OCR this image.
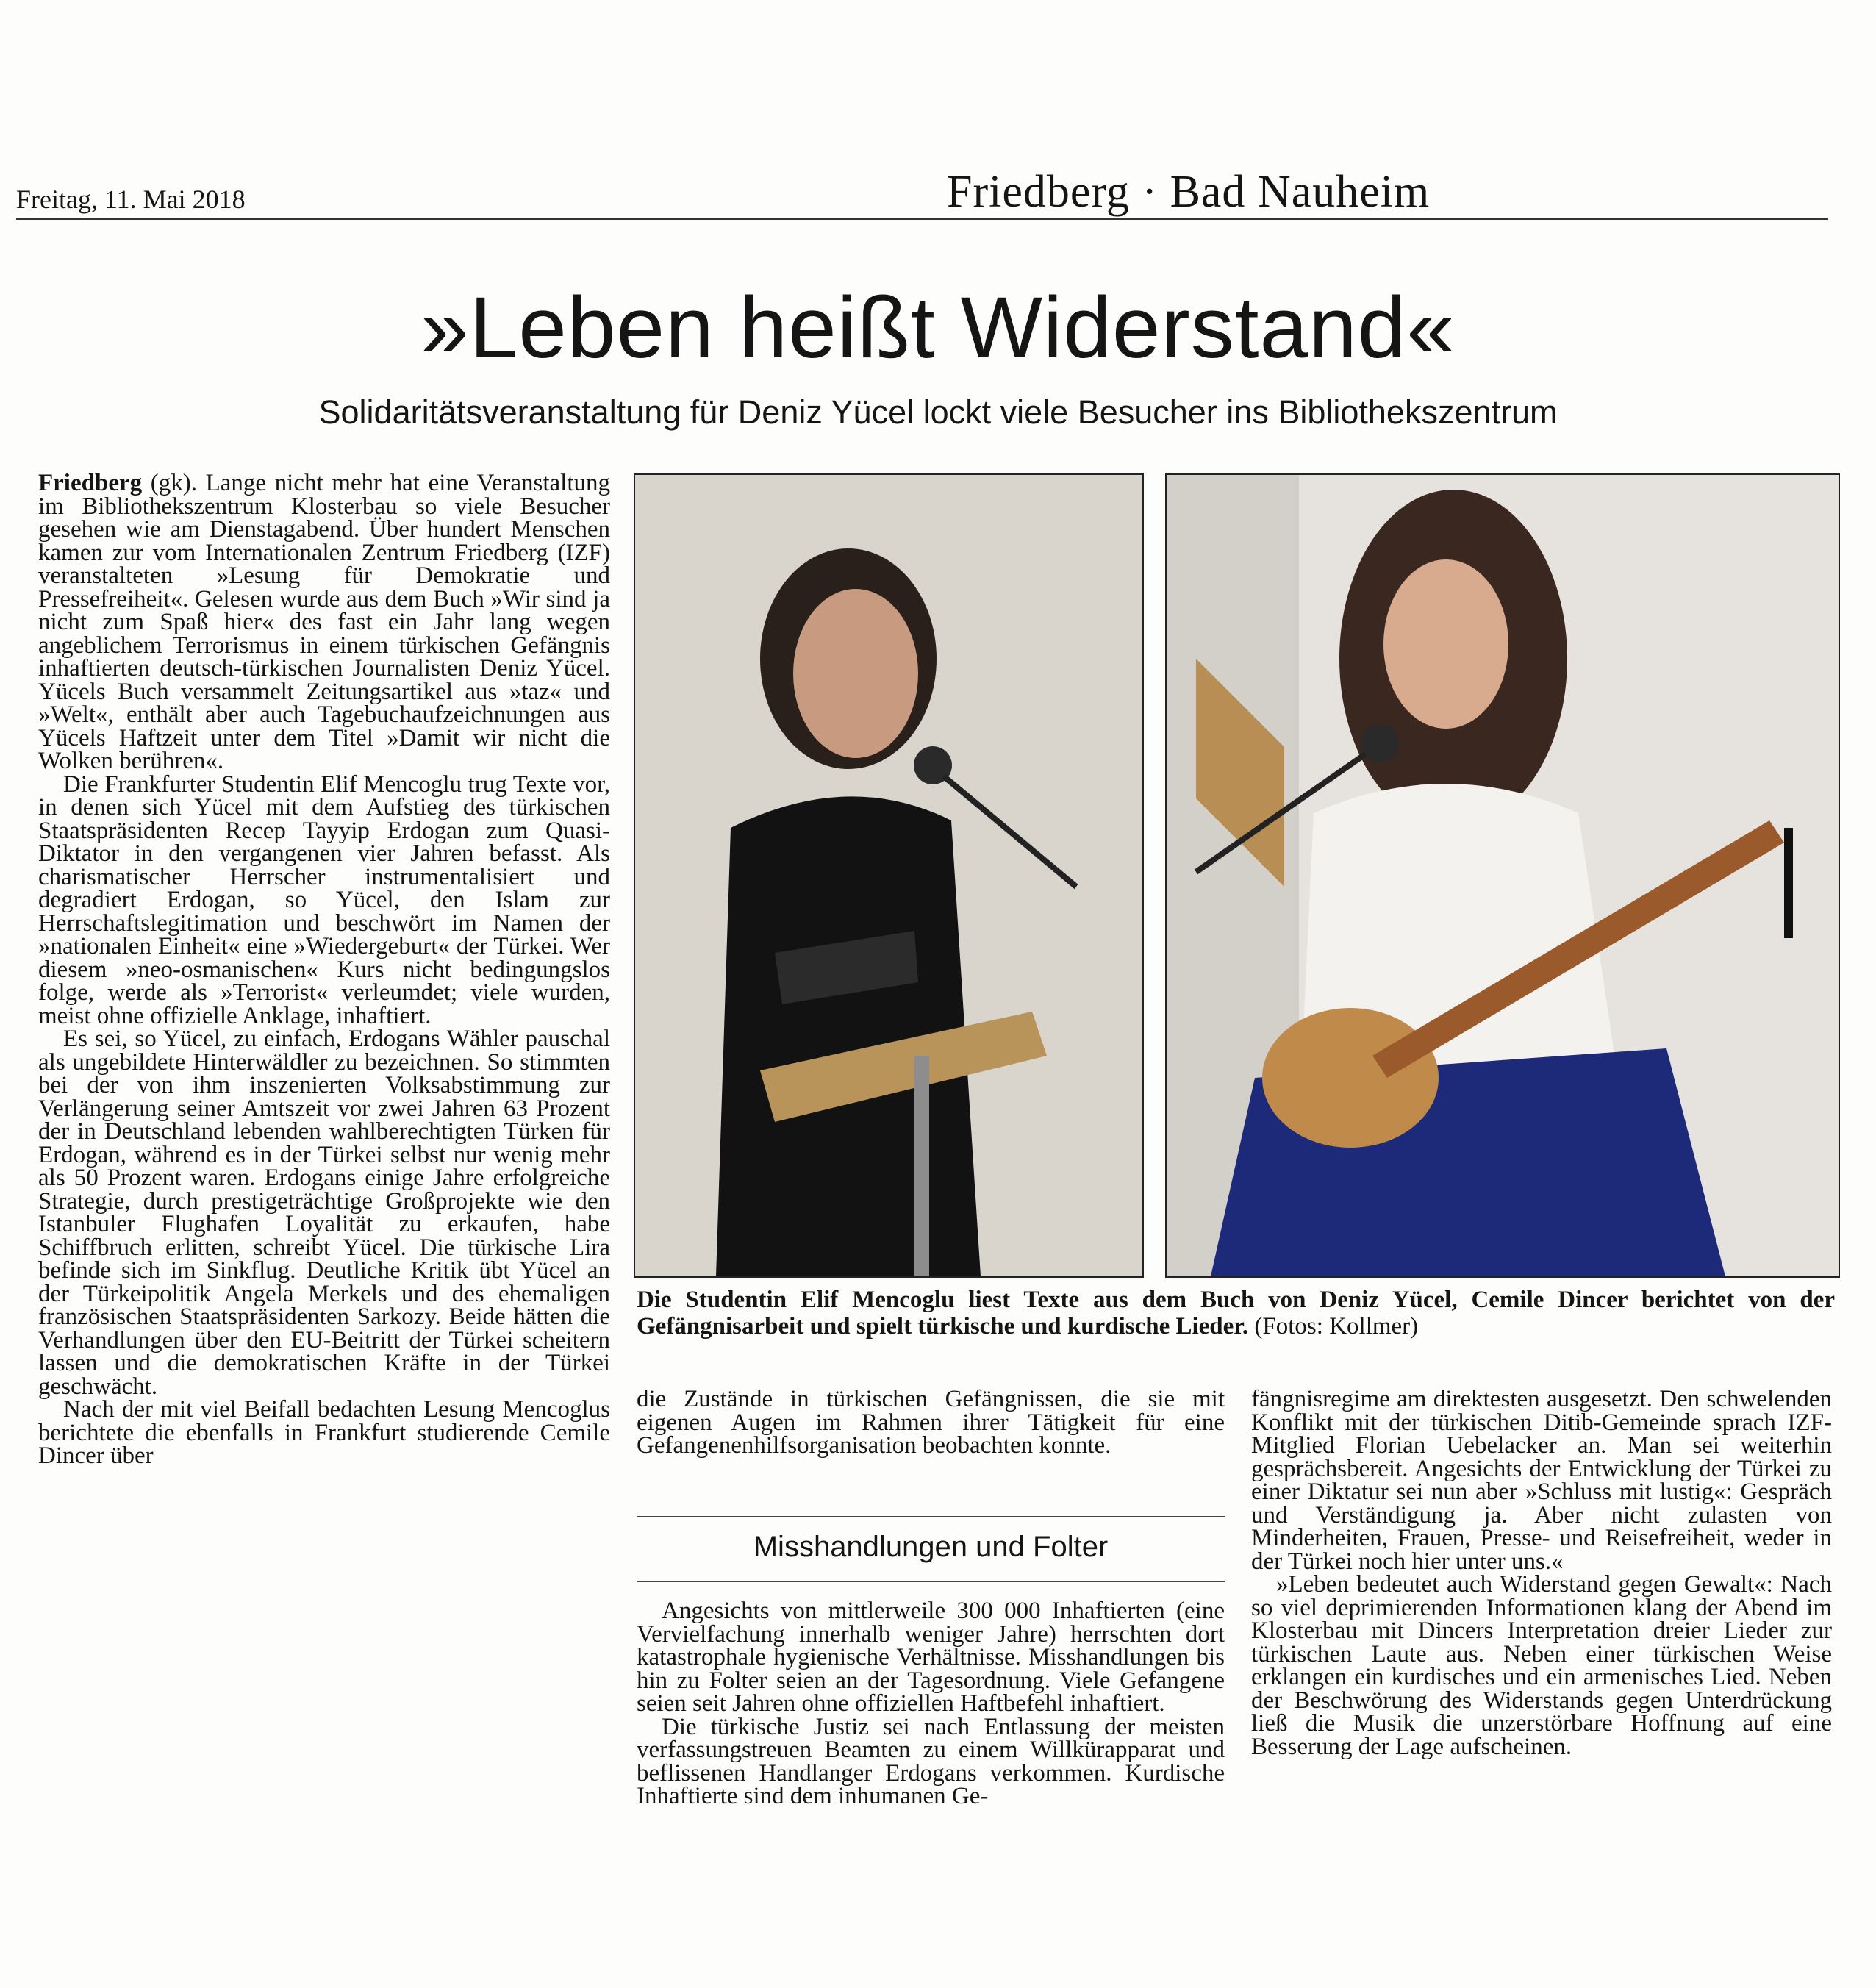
Freitag, 11. Mai 2018	Friedberg · Bad Nauheim
»Leben heißt Widerstand«
Solidaritätsveranstaltung für Deniz Yücel lockt viele Besucher ins Bibliothekszentrum

Friedberg (gk). Lange nicht mehr hat eine Veranstaltung im Bibliothekszentrum Klosterbau so viele Besucher gesehen wie am Dienstagabend. Über hundert Menschen kamen zur vom Internationalen Zentrum Friedberg (IZF) veranstalteten »Lesung für Demokratie und Pressefreiheit«. Gelesen wurde aus dem Buch »Wir sind ja nicht zum Spaß hier« des fast ein Jahr lang wegen angeblichem Terrorismus in einem türkischen Gefängnis inhaftierten deutsch-türkischen Journalisten Deniz Yücel. Yücels Buch versammelt Zeitungsartikel aus »taz« und »Welt«, enthält aber auch Tagebuchaufzeichnungen aus Yücels Haftzeit unter dem Titel »Damit wir nicht die Wolken berühren«.

Die Frankfurter Studentin Elif Mencoglu trug Texte vor, in denen sich Yücel mit dem Aufstieg des türkischen Staatspräsidenten Recep Tayyip Erdogan zum Quasi-Diktator in den vergangenen vier Jahren befasst. Als charismatischer Herrscher instrumentalisiert und degradiert Erdogan, so Yücel, den Islam zur Herrschaftslegitimation und beschwört im Namen der »nationalen Einheit« eine »Wiedergeburt« der Türkei. Wer diesem »neo-osmanischen« Kurs nicht bedingungslos folge, werde als »Terrorist« verleumdet; viele wurden, meist ohne offizielle Anklage, inhaftiert.

Es sei, so Yücel, zu einfach, Erdogans Wähler pauschal als ungebildete Hinterwäldler zu bezeichnen. So stimmten bei der von ihm inszenierten Volksabstimmung zur Verlängerung seiner Amtszeit vor zwei Jahren 63 Prozent der in Deutschland lebenden wahlberechtigten Türken für Erdogan, während es in der Türkei selbst nur wenig mehr als 50 Prozent waren. Erdogans einige Jahre erfolgreiche Strategie, durch prestigeträchtige Großprojekte wie den Istanbuler Flughafen Loyalität zu erkaufen, habe Schiffbruch erlitten, schreibt Yücel. Die türkische Lira befinde sich im Sinkflug. Deutliche Kritik übt Yücel an der Türkeipolitik Angela Merkels und des ehemaligen französischen Staatspräsidenten Sarkozy. Beide hätten die Verhandlungen über den EU-Beitritt der Türkei scheitern lassen und die demokratischen Kräfte in der Türkei geschwächt.

Nach der mit viel Beifall bedachten Lesung Mencoglus berichtete die ebenfalls in Frankfurt studierende Cemile Dincer über

Die Studentin Elif Mencoglu liest Texte aus dem Buch von Deniz Yücel, Cemile Dincer berichtet von der Gefängnisarbeit und spielt türkische und kurdische Lieder. (Fotos: Kollmer)

die Zustände in türkischen Gefängnissen, die sie mit eigenen Augen im Rahmen ihrer Tätigkeit für eine Gefangenenhilfsorganisation beobachten konnte.

Misshandlungen und Folter

Angesichts von mittlerweile 300 000 Inhaftierten (eine Vervielfachung innerhalb weniger Jahre) herrschten dort katastrophale hygienische Verhältnisse. Misshandlungen bis hin zu Folter seien an der Tagesordnung. Viele Gefangene seien seit Jahren ohne offiziellen Haftbefehl inhaftiert.

Die türkische Justiz sei nach Entlassung der meisten verfassungstreuen Beamten zu einem Willkürapparat und beflissenen Handlanger Erdogans verkommen. Kurdische Inhaftierte sind dem inhumanen Ge-

fängnisregime am direktesten ausgesetzt. Den schwelenden Konflikt mit der türkischen Ditib-Gemeinde sprach IZF-Mitglied Florian Uebelacker an. Man sei weiterhin gesprächsbereit. Angesichts der Entwicklung der Türkei zu einer Diktatur sei nun aber »Schluss mit lustig«: Gespräch und Verständigung ja. Aber nicht zulasten von Minderheiten, Frauen, Presse- und Reisefreiheit, weder in der Türkei noch hier unter uns.«

»Leben bedeutet auch Widerstand gegen Gewalt«: Nach so viel deprimierenden Informationen klang der Abend im Klosterbau mit Dincers Interpretation dreier Lieder zur türkischen Laute aus. Neben einer türkischen Weise erklangen ein kurdisches und ein armenisches Lied. Neben der Beschwörung des Widerstands gegen Unterdrückung ließ die Musik die unzerstörbare Hoffnung auf eine Besserung der Lage aufscheinen.
